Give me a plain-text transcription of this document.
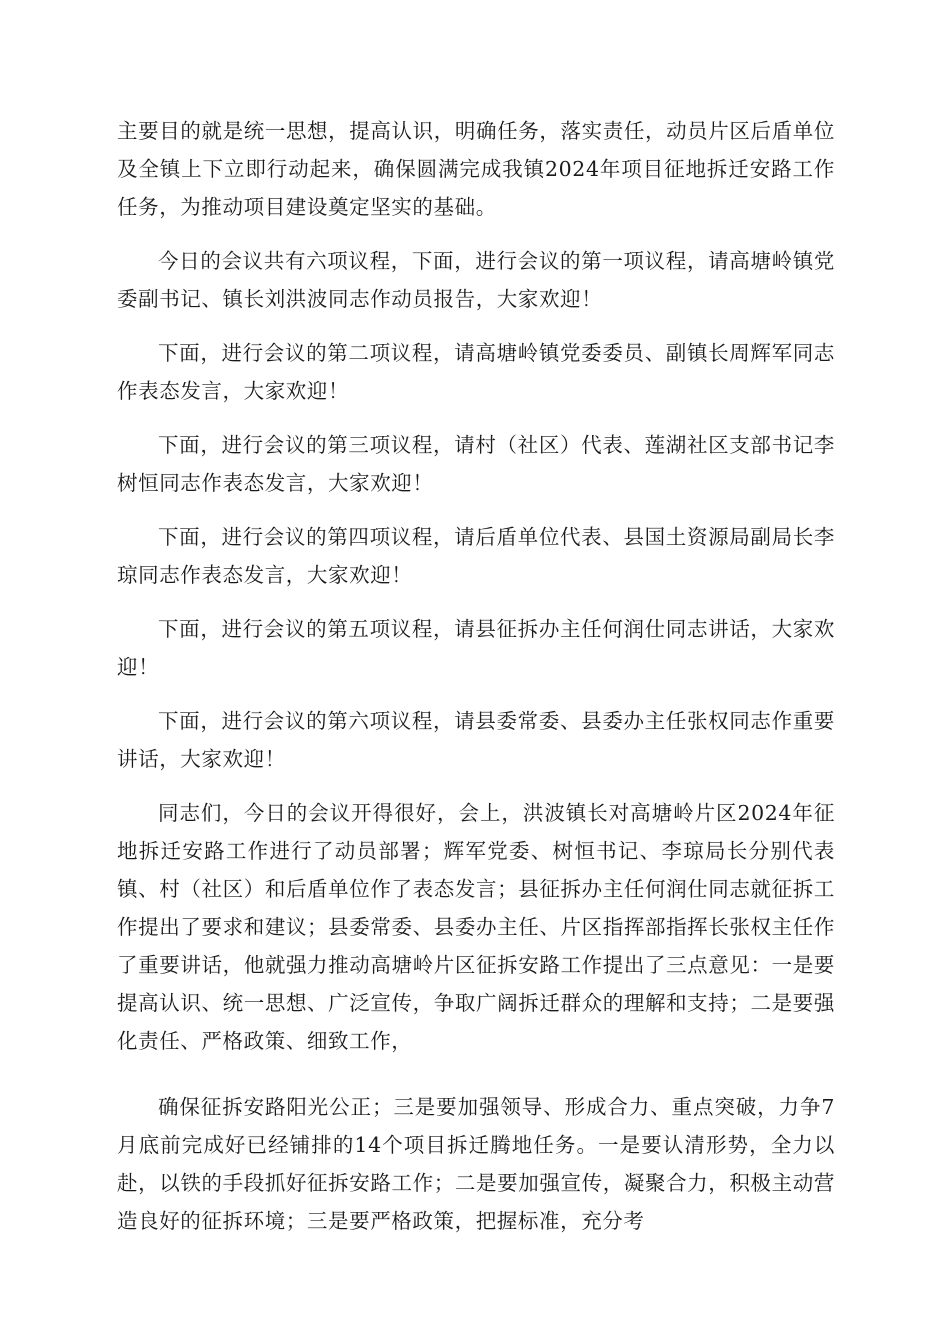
主要目的就是统一思想，提高认识，明确任务，落实责任，动员片区后盾单位及全镇上下立即行动起来，确保圆满完成我镇2024年项目征地拆迁安路工作任务，为推动项目建设奠定坚实的基础。

今日的会议共有六项议程，下面，进行会议的第一项议程，请高塘岭镇党委副书记、镇长刘洪波同志作动员报告，大家欢迎！

下面，进行会议的第二项议程，请高塘岭镇党委委员、副镇长周辉军同志作表态发言，大家欢迎！

下面，进行会议的第三项议程，请村（社区）代表、莲湖社区支部书记李树恒同志作表态发言，大家欢迎！

下面，进行会议的第四项议程，请后盾单位代表、县国土资源局副局长李琼同志作表态发言，大家欢迎！

下面，进行会议的第五项议程，请县征拆办主任何润仕同志讲话，大家欢迎！

下面，进行会议的第六项议程，请县委常委、县委办主任张权同志作重要讲话，大家欢迎！

同志们，今日的会议开得很好，会上，洪波镇长对高塘岭片区2024年征地拆迁安路工作进行了动员部署；辉军党委、树恒书记、李琼局长分别代表镇、村（社区）和后盾单位作了表态发言；县征拆办主任何润仕同志就征拆工作提出了要求和建议；县委常委、县委办主任、片区指挥部指挥长张权主任作了重要讲话，他就强力推动高塘岭片区征拆安路工作提出了三点意见：一是要提高认识、统一思想、广泛宣传，争取广阔拆迁群众的理解和支持；二是要强化责任、严格政策、细致工作，

确保征拆安路阳光公正；三是要加强领导、形成合力、重点突破，力争7月底前完成好已经铺排的14个项目拆迁腾地任务。一是要认清形势，全力以赴，以铁的手段抓好征拆安路工作；二是要加强宣传，凝聚合力，积极主动营造良好的征拆环境；三是要严格政策，把握标准，充分考
